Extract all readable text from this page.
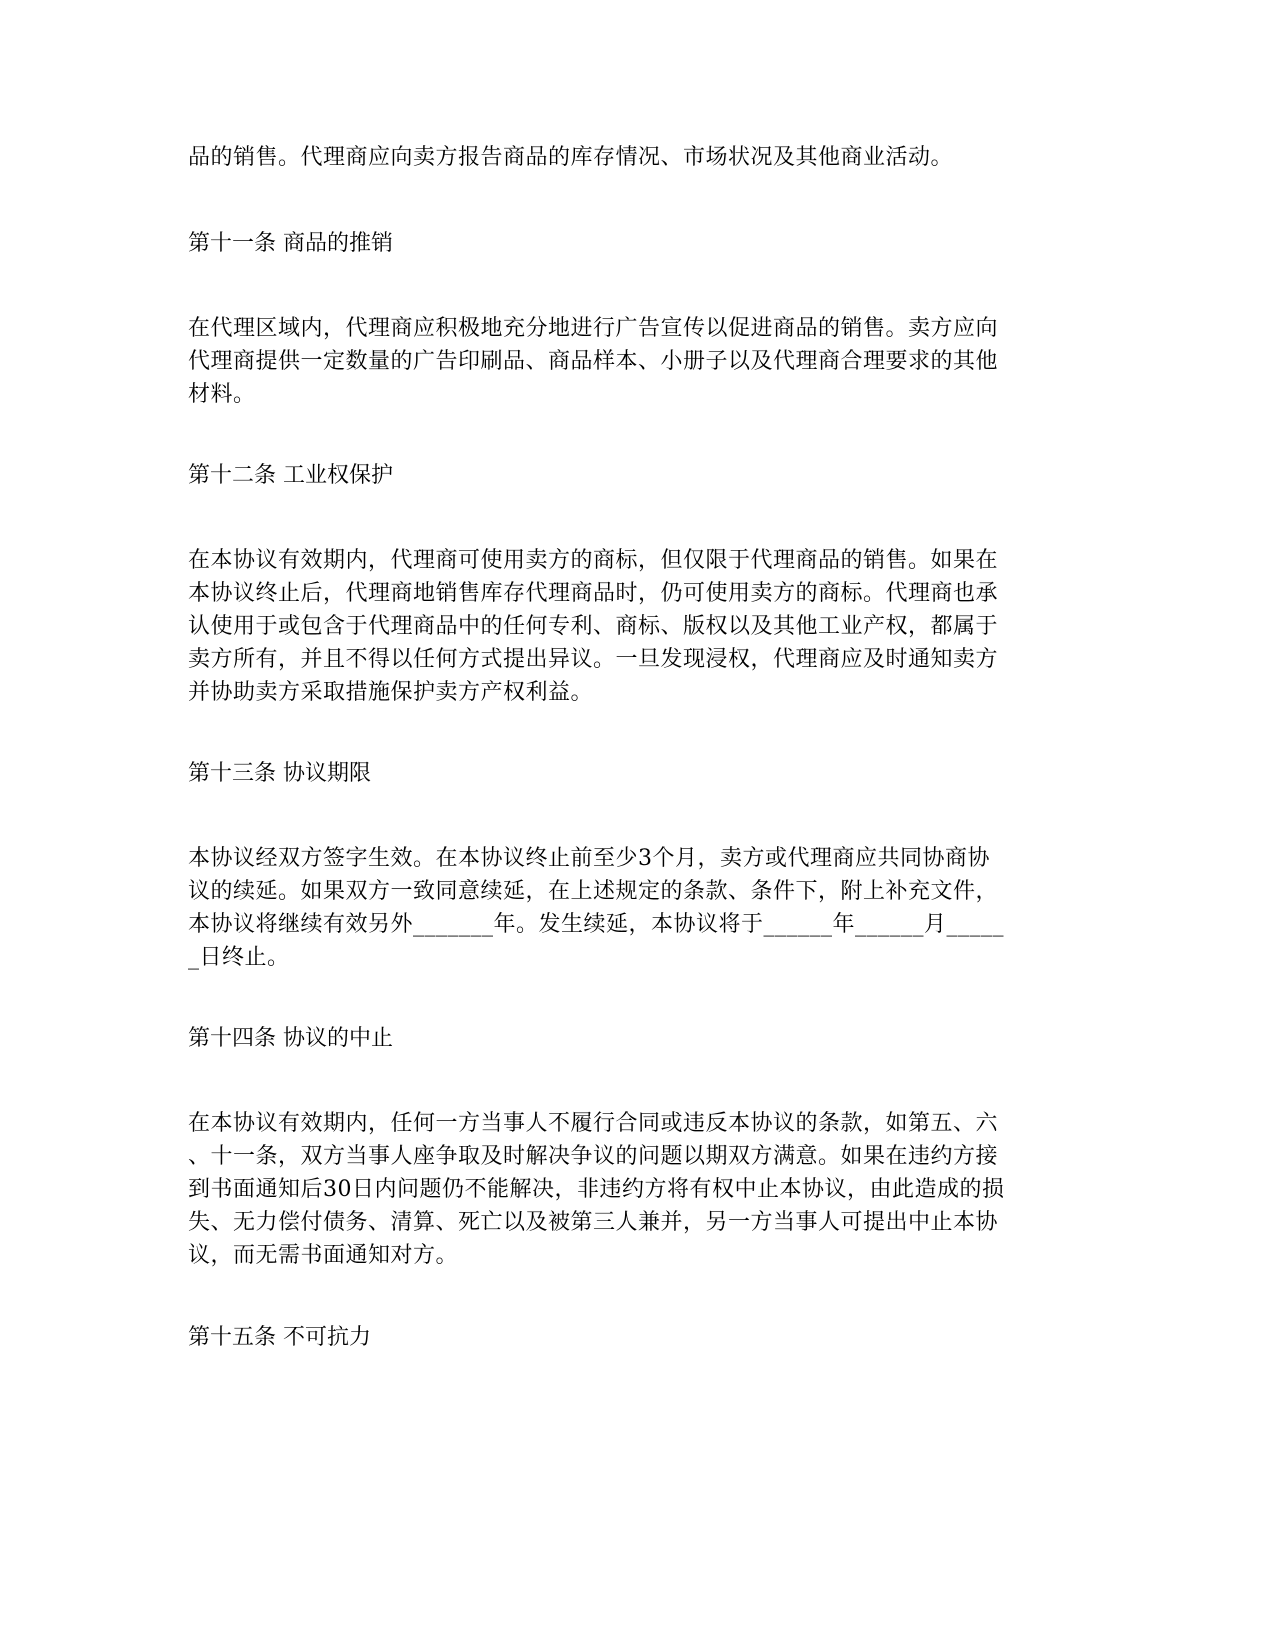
品的销售。代理商应向卖方报告商品的库存情况、市场状况及其他商业活动。
第十一条 商品的推销
在代理区域内，代理商应积极地充分地进行广告宣传以促进商品的销售。卖方应向
代理商提供一定数量的广告印刷品、商品样本、小册子以及代理商合理要求的其他
材料。
第十二条 工业权保护
在本协议有效期内，代理商可使用卖方的商标，但仅限于代理商品的销售。如果在
本协议终止后，代理商地销售库存代理商品时，仍可使用卖方的商标。代理商也承
认使用于或包含于代理商品中的任何专利、商标、版权以及其他工业产权，都属于
卖方所有，并且不得以任何方式提出异议。一旦发现浸权，代理商应及时通知卖方
并协助卖方采取措施保护卖方产权利益。
第十三条 协议期限
本协议经双方签字生效。在本协议终止前至少3个月，卖方或代理商应共同协商协
议的续延。如果双方一致同意续延，在上述规定的条款、条件下，附上补充文件，
本协议将继续有效另外_______年。发生续延，本协议将于______年______月_____
_日终止。
第十四条 协议的中止
在本协议有效期内，任何一方当事人不履行合同或违反本协议的条款，如第五、六
、十一条，双方当事人座争取及时解决争议的问题以期双方满意。如果在违约方接
到书面通知后30日内问题仍不能解决，非违约方将有权中止本协议，由此造成的损
失、无力偿付债务、清算、死亡以及被第三人兼并，另一方当事人可提出中止本协
议，而无需书面通知对方。
第十五条 不可抗力
